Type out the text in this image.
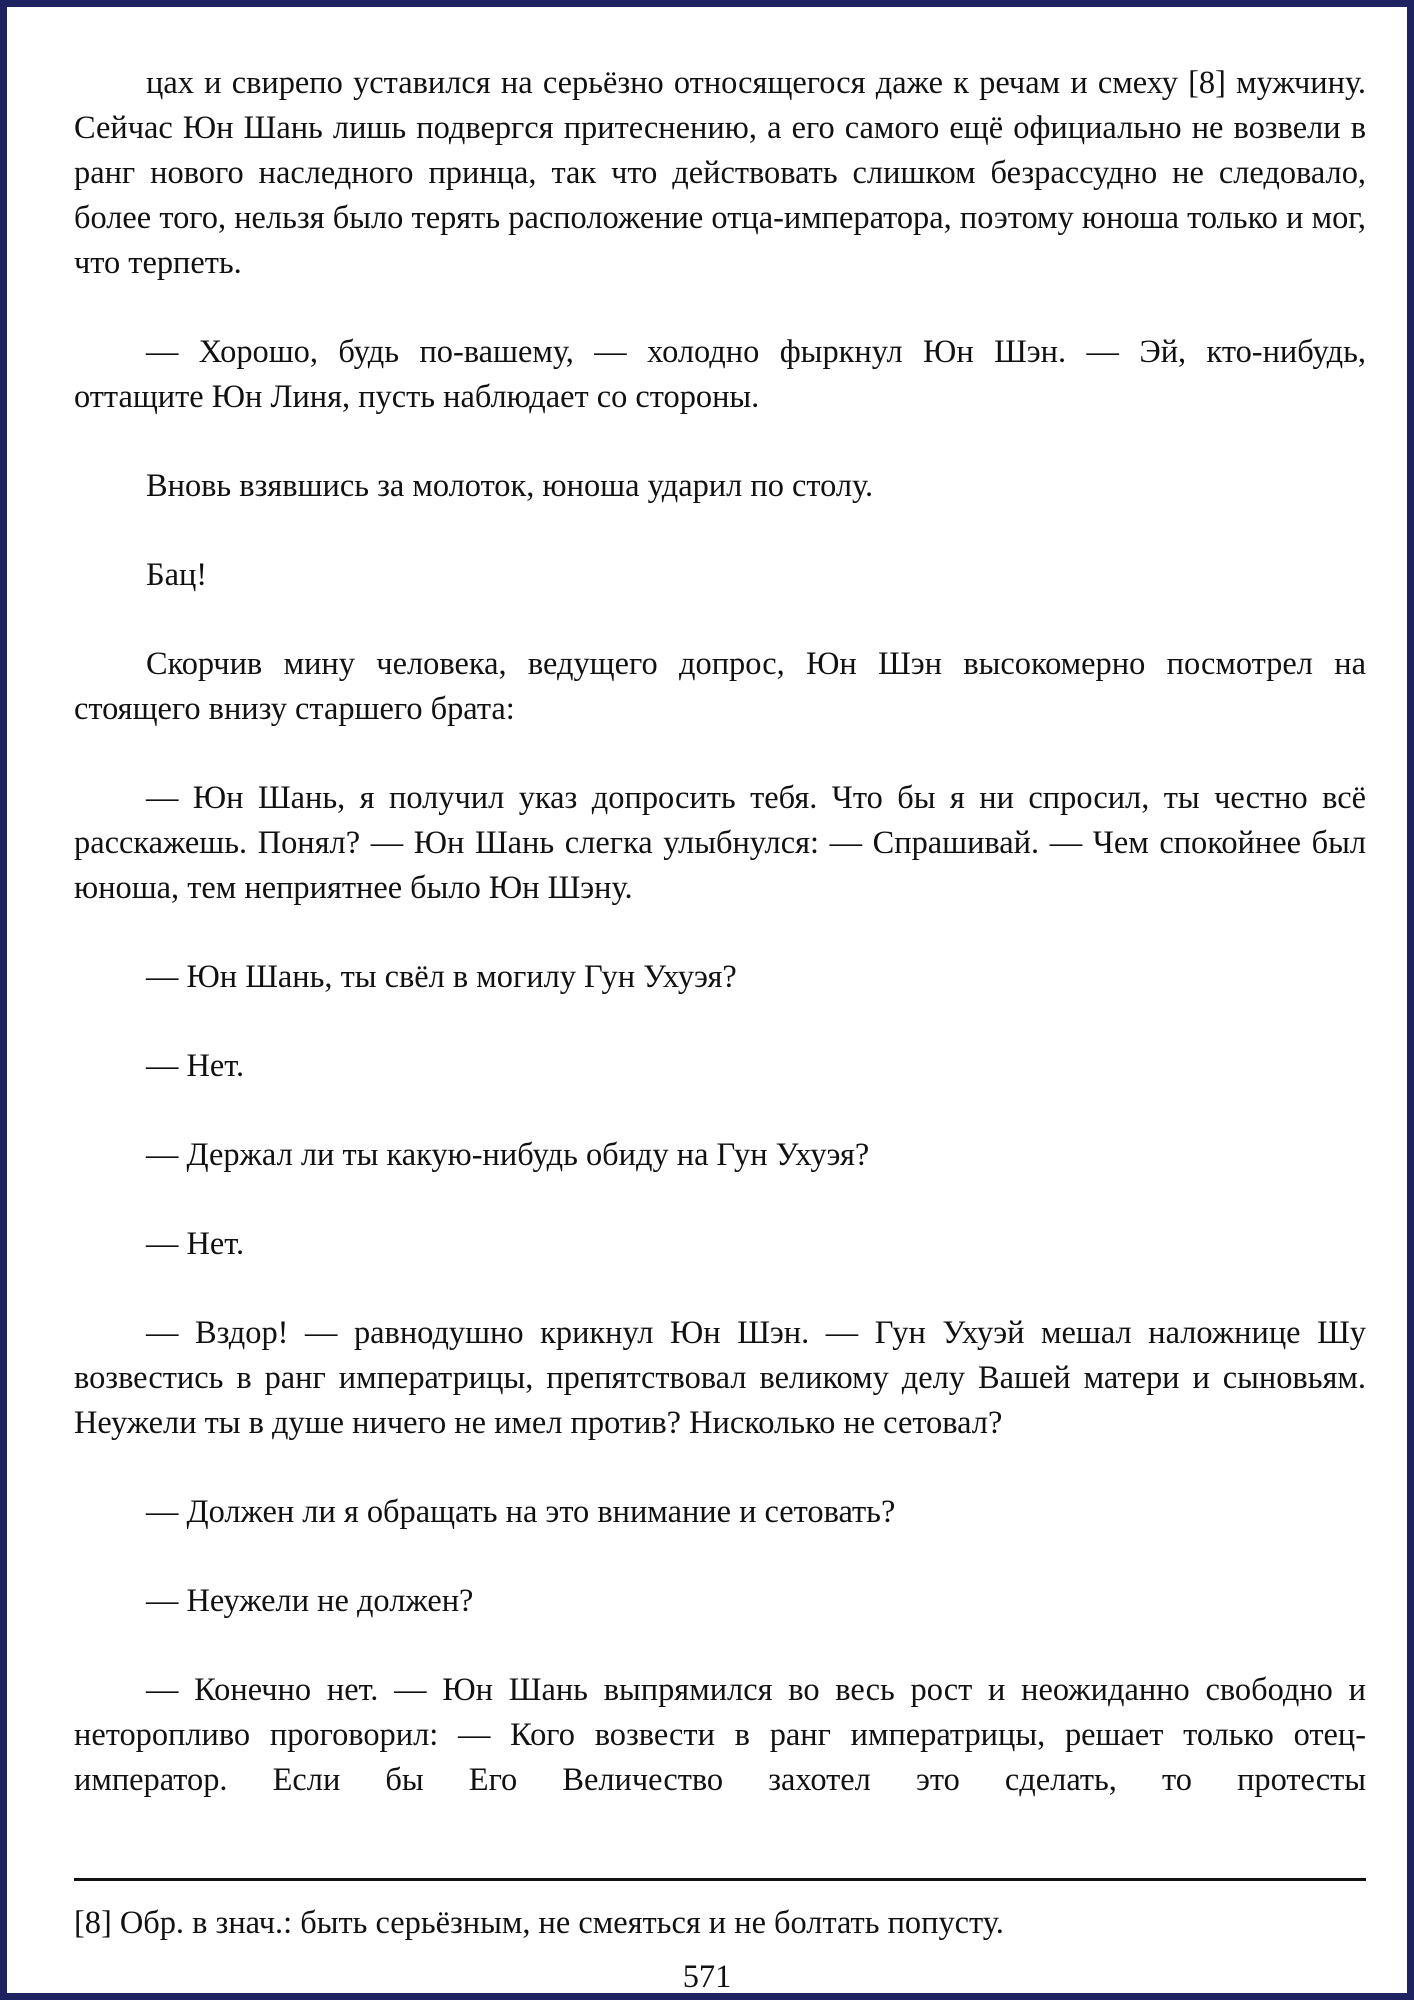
цах и свирепо уставился на серьёзно относящегося даже к речам и смеху [8] мужчину. Сейчас Юн Шань лишь подвергся притеснению, а его самого ещё официально не возвели в ранг нового наследного принца, так что действовать слишком безрассудно не следовало, более того, нельзя было терять расположение отца-императора, поэтому юноша только и мог, что терпеть.

— Хорошо, будь по-вашему, — холодно фыркнул Юн Шэн. — Эй, кто-нибудь, оттащите Юн Линя, пусть наблюдает со стороны.

Вновь взявшись за молоток, юноша ударил по столу.

Бац!

Скорчив мину человека, ведущего допрос, Юн Шэн высокомерно посмотрел на стоящего внизу старшего брата:

— Юн Шань, я получил указ допросить тебя. Что бы я ни спросил, ты честно всё расскажешь. Понял? — Юн Шань слегка улыбнулся: — Спрашивай. — Чем спокойнее был юноша, тем неприятнее было Юн Шэну.

— Юн Шань, ты свёл в могилу Гун Ухуэя?

— Нет.

— Держал ли ты какую-нибудь обиду на Гун Ухуэя?

— Нет.

— Вздор! — равнодушно крикнул Юн Шэн. — Гун Ухуэй мешал наложнице Шу возвестись в ранг императрицы, препятствовал великому делу Вашей матери и сыновьям. Неужели ты в душе ничего не имел против? Нисколько не сетовал?

— Должен ли я обращать на это внимание и сетовать?

— Неужели не должен?

— Конечно нет. — Юн Шань выпрямился во весь рост и неожиданно свободно и неторопливо проговорил: — Кого возвести в ранг императрицы, решает только отец-император. Если бы Его Величество захотел это сделать, то протесты

[8] Обр. в знач.: быть серьёзным, не смеяться и не болтать попусту.
571
